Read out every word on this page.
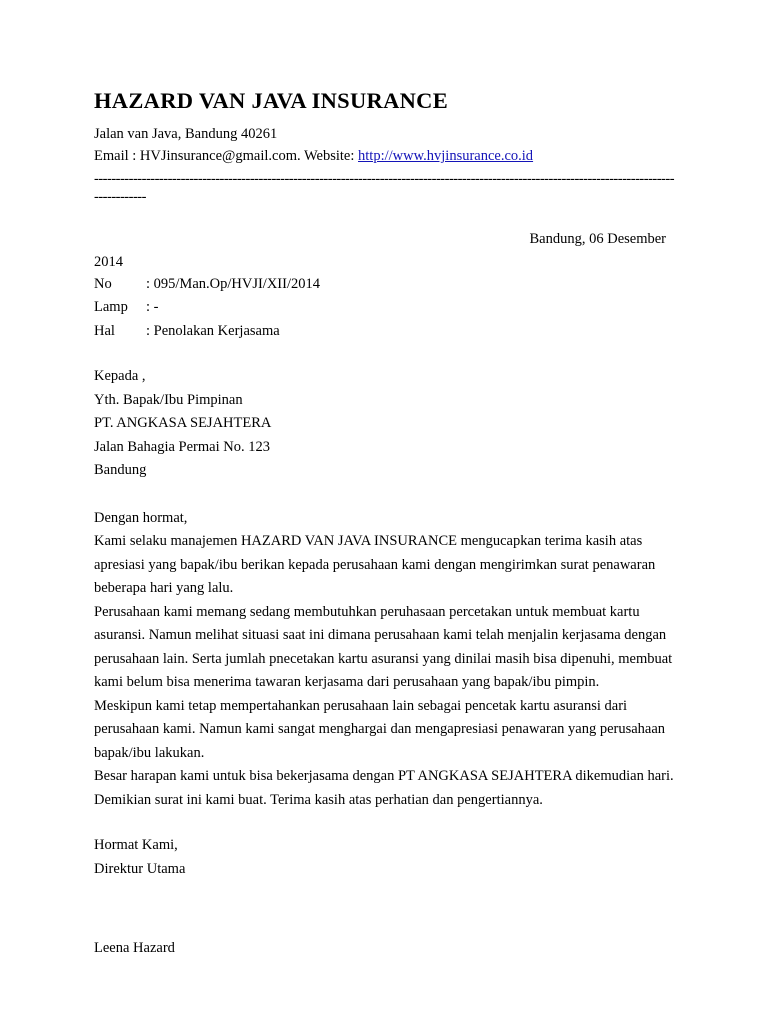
HAZARD VAN JAVA INSURANCE

Jalan van Java, Bandung 40261

Email : HVJinsurance@gmail.com. Website: http://www.hvjinsurance.co.id

--------------------------------------------------------------------------------------------------------------------------------------------------

Bandung, 06 Desember
2014
No : 095/Man.Op/HVJI/XII/2014
Lamp : -
Hal : Penolakan Kerjasama
Kepada ,
Yth. Bapak/Ibu Pimpinan
PT. ANGKASA SEJAHTERA
Jalan Bahagia Permai No. 123
Bandung

Dengan hormat,

Kami selaku manajemen HAZARD VAN JAVA INSURANCE mengucapkan terima kasih atas apresiasi yang bapak/ibu berikan kepada perusahaan kami dengan mengirimkan surat penawaran beberapa hari yang lalu.

Perusahaan kami memang sedang membutuhkan peruhasaan percetakan untuk membuat kartu asuransi. Namun melihat situasi saat ini dimana perusahaan kami telah menjalin kerjasama dengan perusahaan lain. Serta jumlah pnecetakan kartu asuransi yang dinilai masih bisa dipenuhi, membuat kami belum bisa menerima tawaran kerjasama dari perusahaan yang bapak/ibu pimpin.

Meskipun kami tetap mempertahankan perusahaan lain sebagai pencetak kartu asuransi dari perusahaan kami. Namun kami sangat menghargai dan mengapresiasi penawaran yang perusahaan bapak/ibu lakukan.

Besar harapan kami untuk bisa bekerjasama dengan PT ANGKASA SEJAHTERA dikemudian hari. Demikian surat ini kami buat. Terima kasih atas perhatian dan pengertiannya.

Hormat Kami,
Direktur Utama
Leena Hazard
